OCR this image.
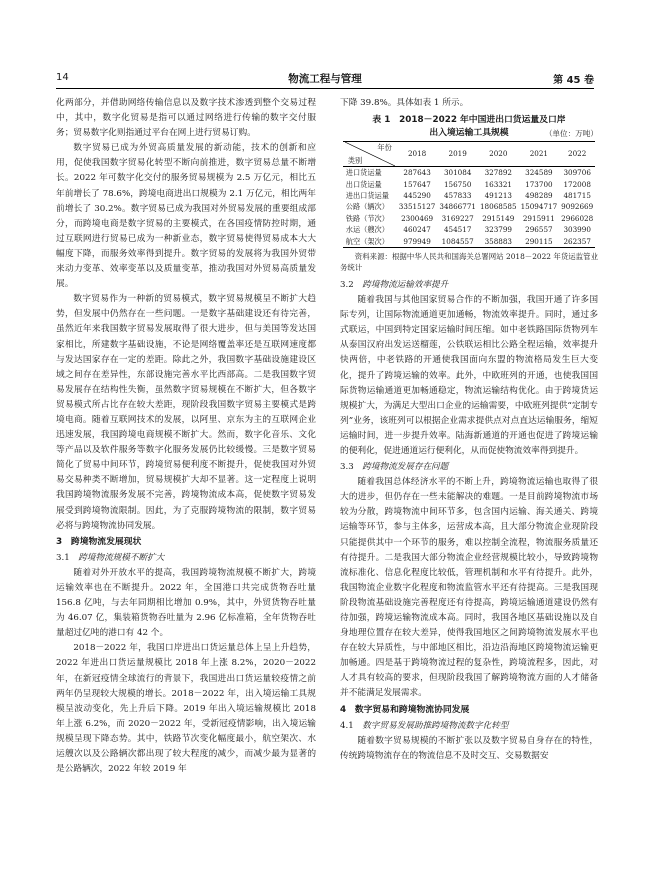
14	物流工程与管理	第 45 卷

化两部分，并借助网络传输信息以及数字技术渗透到整个交易过程中，其中，数字化贸易是指可以通过网络进行传输的数字交付服务；贸易数字化则指通过平台在网上进行贸易订购。

数字贸易已成为外贸高质量发展的新动能，技术的创新和应用，促使我国数字贸易化转型不断向前推进，数字贸易总量不断增长。2022 年可数字化交付的服务贸易规模为 2.5 万亿元，相比五年前增长了 78.6%，跨境电商进出口规模为 2.1 万亿元，相比两年前增长了 30.2%。数字贸易已成为我国对外贸易发展的重要组成部分，而跨境电商是数字贸易的主要模式，在各国疫情防控时期，通过互联网进行贸易已成为一种新业态，数字贸易使得贸易成本大大幅度下降，而服务效率得到提升。数字贸易的发展将为我国外贸带来动力变革、效率变革以及质量变革，推动我国对外贸易高质量发展。

数字贸易作为一种新的贸易模式，数字贸易规模呈不断扩大趋势，但发展中仍然存在一些问题。一是数字基础建设还有待完善，虽然近年来我国数字贸易发展取得了很大进步，但与美国等发达国家相比，所建数字基础设施，不论是网络覆盖率还是互联网速度都与发达国家存在一定的差距。除此之外，我国数字基础设施建设区域之间存在差异性，东部设施完善水平比西部高。二是我国数字贸易发展存在结构性失衡，虽然数字贸易规模在不断扩大，但各数字贸易模式所占比存在较大差距，现阶段我国数字贸易主要模式是跨境电商。随着互联网技术的发展，以阿里、京东为主的互联网企业迅速发展，我国跨境电商规模不断扩大。然而，数字化音乐、文化等产品以及软件服务等数字化服务发展仍比较缓慢。三是数字贸易简化了贸易中间环节，跨境贸易便利度不断提升，促使我国对外贸易交易种类不断增加，贸易规模扩大却不显著。这一定程度上说明我国跨境物流服务发展不完善，跨境物流成本高，促使数字贸易发展受到跨境物流限制。因此，为了克服跨境物流的限制，数字贸易必将与跨境物流协同发展。

3　跨境物流发展现状
3.1　 跨境物流规模不断扩大

随着对外开放水平的提高，我国跨境物流规模不断扩大，跨境运输效率也在不断提升。2022 年，全国港口共完成货物吞吐量 156.8 亿吨，与去年同期相比增加 0.9%，其中，外贸货物吞吐量为 46.07 亿，集装箱货物吞吐量为 2.96 亿标准箱，全年货物吞吐量超过亿吨的港口有 42 个。

2018－2022 年，我国口岸进出口货运量总体上呈上升趋势，2022 年进出口货运量规模比 2018 年上涨 8.2%，2020－2022 年，在新冠疫情全球流行的背景下，我国进出口货运量较疫情之前两年仍呈现较大规模的增长。2018－2022 年，出入境运输工具规模呈波动变化，先上升后下降。2019 年出入境运输规模比 2018 年上涨 6.2%，而 2020－2022 年，受新冠疫情影响，出入境运输规模呈现下降态势。其中，铁路节次变化幅度最小，航空架次、水运艘次以及公路辆次都出现了较大程度的减少，而减少最为显著的是公路辆次，2022 年较 2019 年

下降 39.8%。具体如表 1 所示。

表 1　2018－2022 年中国进出口货运量及口岸
出入境运输工具规模	（单位：万吨）
年份
类别	2018	2019	2020	2021	2022
进口货运量	287643	301084	327892	324589	309706
出口货运量	157647	156750	163321	173700	172008
进出口货运量	445290	457833	491213	498289	481715
公路（辆次）	33515127	34866771	18068585	15094717	9092669
铁路（节次）	2300469	3169227	2915149	2915911	2966028
水运（艘次）	460247	454517	323799	296557	303990
航空（架次）	979949	1084557	358883	290115	262357
资料来源：根据中华人民共和国海关总署网站 2018－2022 年货运监管业务统计
3.2　 跨境物流运输效率提升

随着我国与其他国家贸易合作的不断加强，我国开通了许多国际专列，让国际物流通道更加通畅，物流效率提升。同时，通过多式联运，中国到特定国家运输时间压缩。如中老铁路国际货物列车从泰国汉府出发运送榴莲，公铁联运相比公路全程运输，效率提升快两倍，中老铁路的开通使我国面向东盟的物流格局发生巨大变化，提升了跨境运输的效率。此外，中欧班列的开通，也使我国国际货物运输通道更加畅通稳定，物流运输结构优化。由于跨境货运规模扩大，为满足大型出口企业的运输需要，中欧班列提供“定制专列”业务，该班列可以根据企业需求提供点对点直达运输服务，缩短运输时间，进一步提升效率。陆海新通道的开通也促进了跨境运输的便利化，促进通道运行便利化，从而促使物流效率得到提升。

3.3　 跨境物流发展存在问题

随着我国总体经济水平的不断上升，跨境物流运输也取得了很大的进步，但仍存在一些未能解决的难题。一是目前跨境物流市场较为分散，跨境物流中间环节多，包含国内运输、海关通关、跨境运输等环节，参与主体多，运营成本高，且大部分物流企业现阶段只能提供其中一个环节的服务，难以控制全流程，物流服务质量还有待提升。二是我国大部分物流企业经营规模比较小，导致跨境物流标准化、信息化程度比较低，管理机制和水平有待提升。此外，我国物流企业数字化程度和物流监管水平还有待提高。三是我国现阶段物流基础设施完善程度还有待提高，跨境运输通道建设仍然有待加强，跨境运输物流成本高。同时，我国各地区基础设施以及自身地理位置存在较大差异，使得我国地区之间跨境物流发展水平也存在较大异质性，与中部地区相比，沿边沿海地区跨境物流运输更加畅通。四是基于跨境物流过程的复杂性，跨境流程多，因此，对人才具有较高的要求，但现阶段我国了解跨境物流方面的人才储备并不能满足发展需求。

4　数字贸易和跨境物流协同发展
4.1　 数字贸易发展助推跨境物流数字化转型

随着数字贸易规模的不断扩张以及数字贸易自身存在的特性，传统跨境物流存在的物流信息不及时交互、交易数据安
